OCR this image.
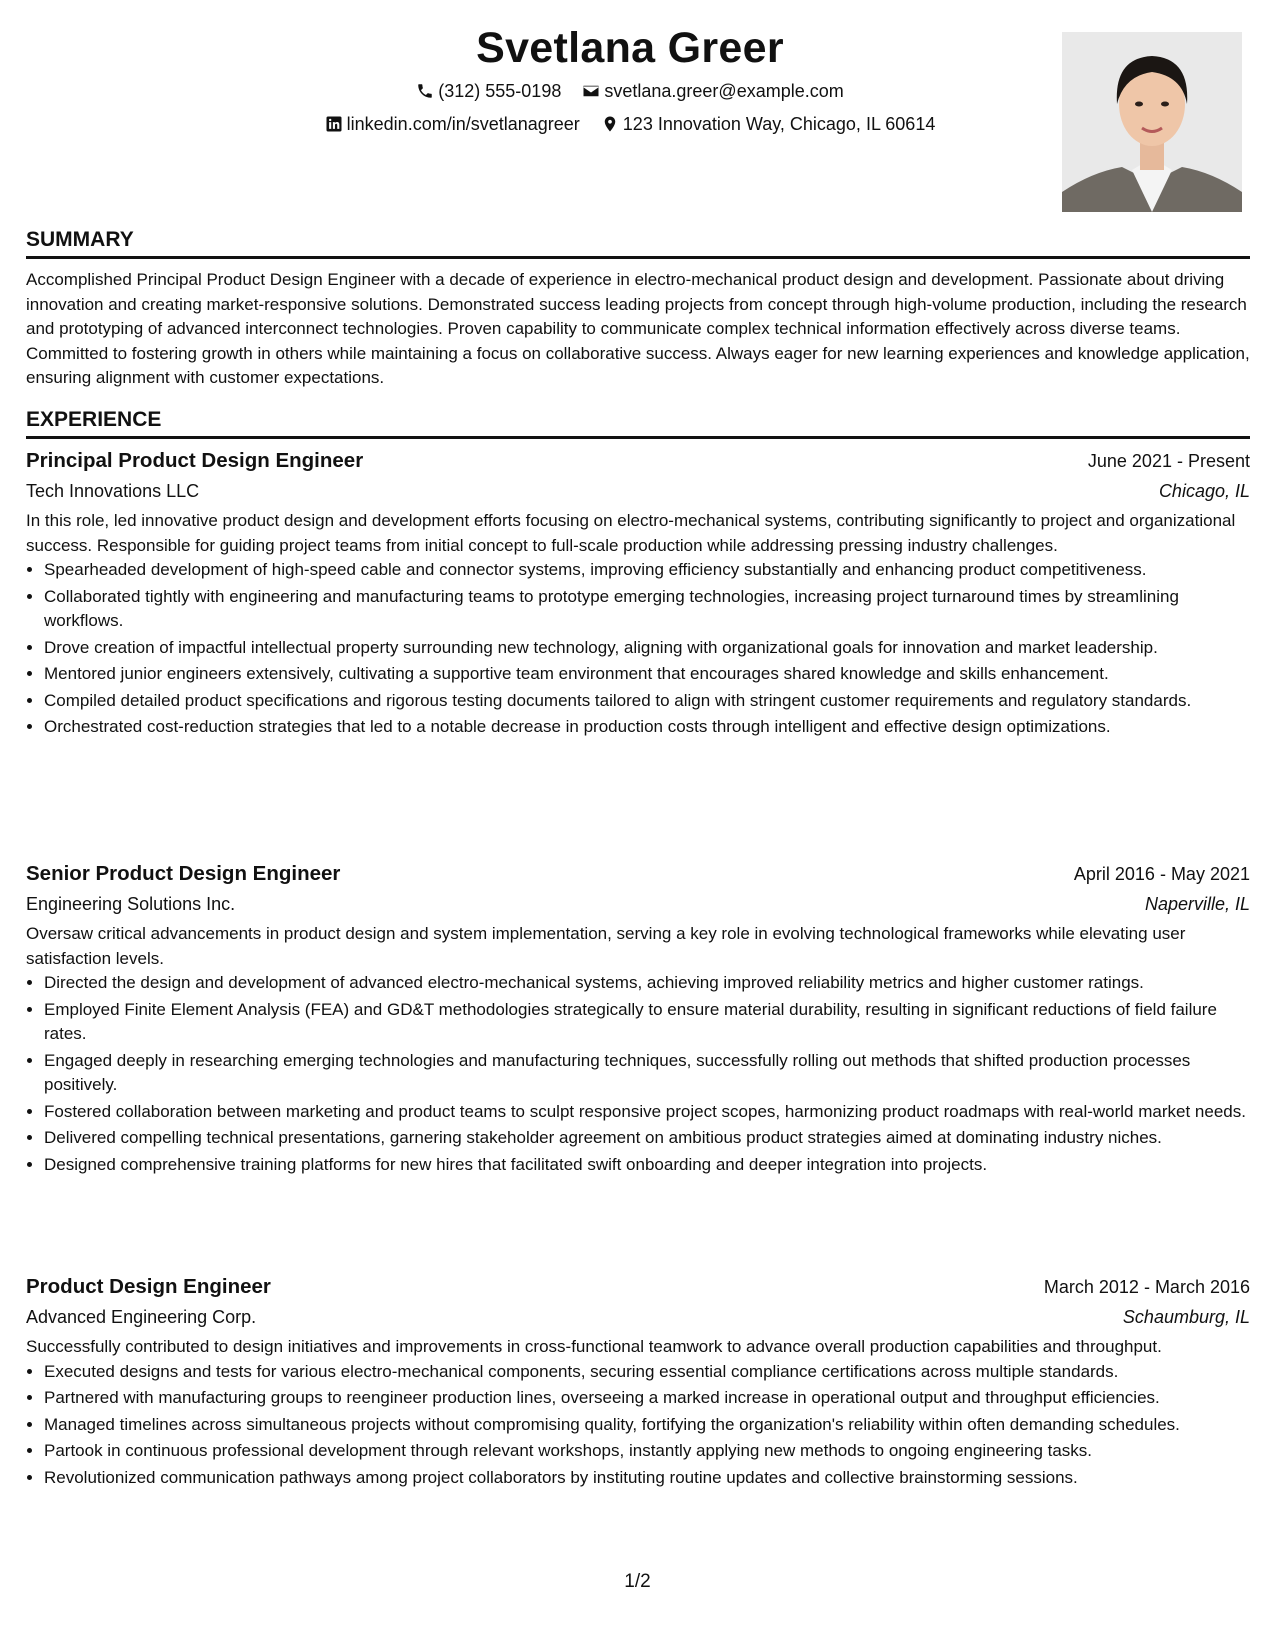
Svetlana Greer
(312) 555-0198
svetlana.greer@example.com
linkedin.com/in/svetlanagreer
123 Innovation Way, Chicago, IL 60614
SUMMARY
Accomplished Principal Product Design Engineer with a decade of experience in electro-mechanical product design and development. Passionate about driving innovation and creating market-responsive solutions. Demonstrated success leading projects from concept through high-volume production, including the research and prototyping of advanced interconnect technologies. Proven capability to communicate complex technical information effectively across diverse teams. Committed to fostering growth in others while maintaining a focus on collaborative success. Always eager for new learning experiences and knowledge application, ensuring alignment with customer expectations.
EXPERIENCE
Principal Product Design Engineer	June 2021 - Present
Tech Innovations LLC	Chicago, IL
In this role, led innovative product design and development efforts focusing on electro-mechanical systems, contributing significantly to project and organizational success. Responsible for guiding project teams from initial concept to full-scale production while addressing pressing industry challenges.
• Spearheaded development of high-speed cable and connector systems, improving efficiency substantially and enhancing product competitiveness.
• Collaborated tightly with engineering and manufacturing teams to prototype emerging technologies, increasing project turnaround times by streamlining workflows.
• Drove creation of impactful intellectual property surrounding new technology, aligning with organizational goals for innovation and market leadership.
• Mentored junior engineers extensively, cultivating a supportive team environment that encourages shared knowledge and skills enhancement.
• Compiled detailed product specifications and rigorous testing documents tailored to align with stringent customer requirements and regulatory standards.
• Orchestrated cost-reduction strategies that led to a notable decrease in production costs through intelligent and effective design optimizations.
Senior Product Design Engineer	April 2016 - May 2021
Engineering Solutions Inc.	Naperville, IL
Oversaw critical advancements in product design and system implementation, serving a key role in evolving technological frameworks while elevating user satisfaction levels.
• Directed the design and development of advanced electro-mechanical systems, achieving improved reliability metrics and higher customer ratings.
• Employed Finite Element Analysis (FEA) and GD&T methodologies strategically to ensure material durability, resulting in significant reductions of field failure rates.
• Engaged deeply in researching emerging technologies and manufacturing techniques, successfully rolling out methods that shifted production processes positively.
• Fostered collaboration between marketing and product teams to sculpt responsive project scopes, harmonizing product roadmaps with real-world market needs.
• Delivered compelling technical presentations, garnering stakeholder agreement on ambitious product strategies aimed at dominating industry niches.
• Designed comprehensive training platforms for new hires that facilitated swift onboarding and deeper integration into projects.
Product Design Engineer	March 2012 - March 2016
Advanced Engineering Corp.	Schaumburg, IL
Successfully contributed to design initiatives and improvements in cross-functional teamwork to advance overall production capabilities and throughput.
• Executed designs and tests for various electro-mechanical components, securing essential compliance certifications across multiple standards.
• Partnered with manufacturing groups to reengineer production lines, overseeing a marked increase in operational output and throughput efficiencies.
• Managed timelines across simultaneous projects without compromising quality, fortifying the organization's reliability within often demanding schedules.
• Partook in continuous professional development through relevant workshops, instantly applying new methods to ongoing engineering tasks.
• Revolutionized communication pathways among project collaborators by instituting routine updates and collective brainstorming sessions.
1/2
